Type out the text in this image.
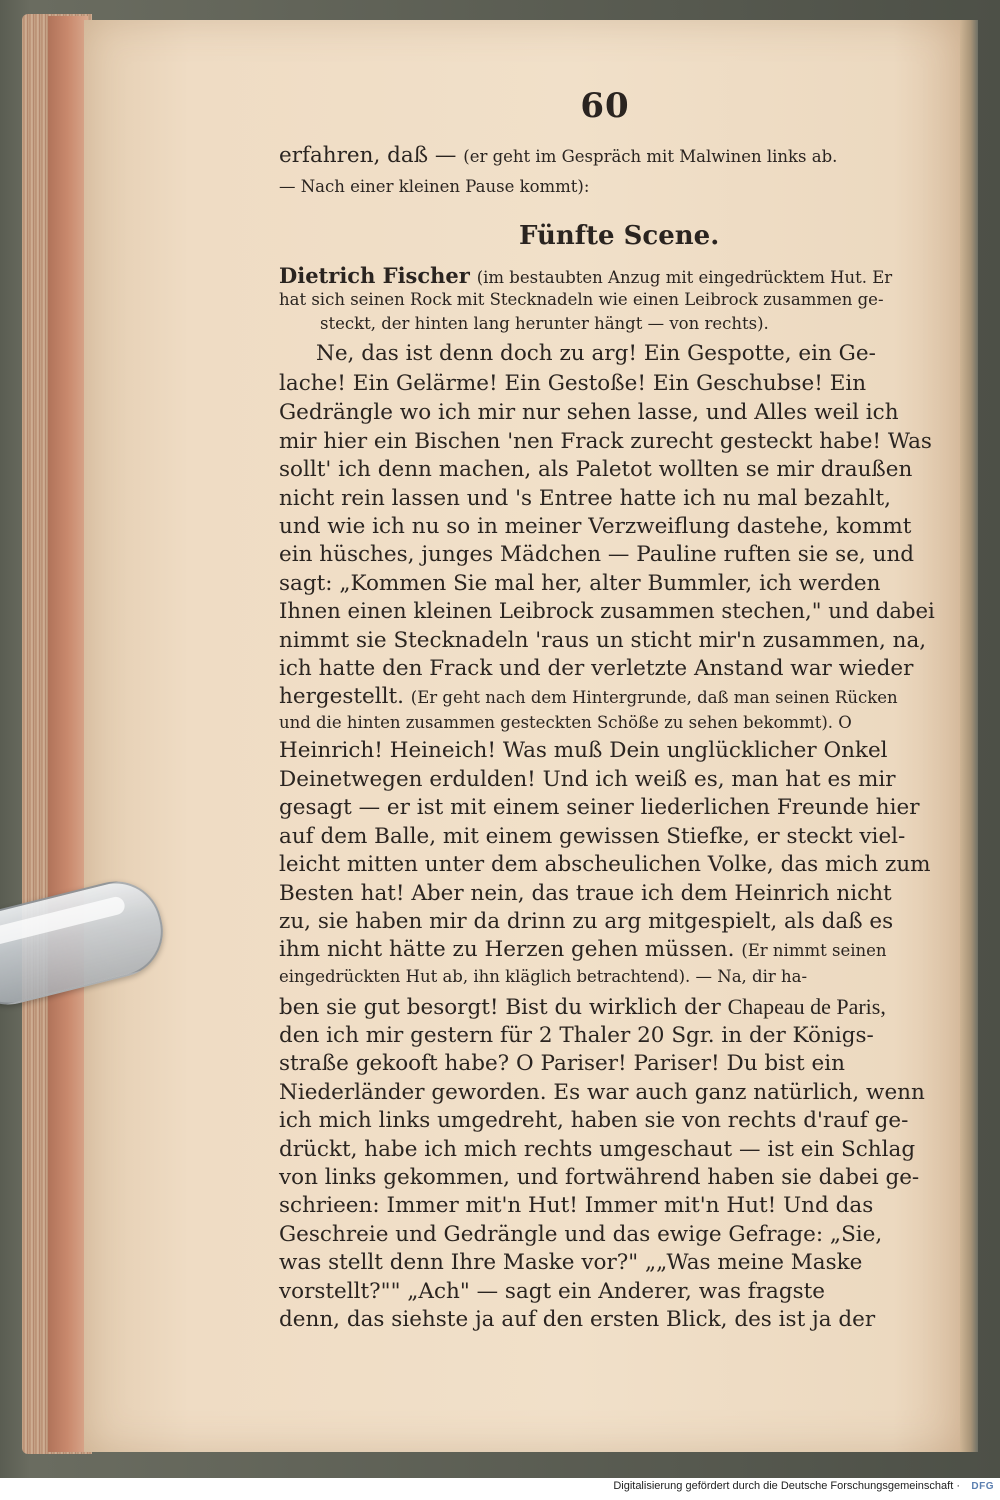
60
erfahren, daß — (er geht im Gespräch mit Malwinen links ab.
— Nach einer kleinen Pause kommt):
Fünfte Scene.
Dietrich Fischer (im bestaubten Anzug mit eingedrücktem Hut. Er
hat sich seinen Rock mit Stecknadeln wie einen Leibrock zusammen ge-
steckt, der hinten lang herunter hängt — von rechts).
Ne, das ist denn doch zu arg! Ein Gespotte, ein Ge-
lache! Ein Gelärme! Ein Gestoße! Ein Geschubse! Ein
Gedrängle wo ich mir nur sehen lasse, und Alles weil ich
mir hier ein Bischen 'nen Frack zurecht gesteckt habe! Was
sollt' ich denn machen, als Paletot wollten se mir draußen
nicht rein lassen und 's Entree hatte ich nu mal bezahlt,
und wie ich nu so in meiner Verzweiflung dastehe, kommt
ein hüsches, junges Mädchen — Pauline ruften sie se, und
sagt: „Kommen Sie mal her, alter Bummler, ich werden
Ihnen einen kleinen Leibrock zusammen stechen," und dabei
nimmt sie Stecknadeln 'raus un sticht mir'n zusammen, na,
ich hatte den Frack und der verletzte Anstand war wieder
hergestellt. (Er geht nach dem Hintergrunde, daß man seinen Rücken
und die hinten zusammen gesteckten Schöße zu sehen bekommt). O
Heinrich! Heineich! Was muß Dein unglücklicher Onkel
Deinetwegen erdulden! Und ich weiß es, man hat es mir
gesagt — er ist mit einem seiner liederlichen Freunde hier
auf dem Balle, mit einem gewissen Stiefke, er steckt viel-
leicht mitten unter dem abscheulichen Volke, das mich zum
Besten hat! Aber nein, das traue ich dem Heinrich nicht
zu, sie haben mir da drinn zu arg mitgespielt, als daß es
ihm nicht hätte zu Herzen gehen müssen. (Er nimmt seinen
eingedrückten Hut ab, ihn kläglich betrachtend). — Na, dir ha-
ben sie gut besorgt! Bist du wirklich der Chapeau de Paris,
den ich mir gestern für 2 Thaler 20 Sgr. in der Königs-
straße gekooft habe? O Pariser! Pariser! Du bist ein
Niederländer geworden. Es war auch ganz natürlich, wenn
ich mich links umgedreht, haben sie von rechts d'rauf ge-
drückt, habe ich mich rechts umgeschaut — ist ein Schlag
von links gekommen, und fortwährend haben sie dabei ge-
schrieen: Immer mit'n Hut! Immer mit'n Hut! Und das
Geschreie und Gedrängle und das ewige Gefrage: „Sie,
was stellt denn Ihre Maske vor?" „„Was meine Maske
vorstellt?"" „Ach" — sagt ein Anderer, was fragste
denn, das siehste ja auf den ersten Blick, des ist ja der
Digitalisierung gefördert durch die Deutsche Forschungsgemeinschaft · DFG
